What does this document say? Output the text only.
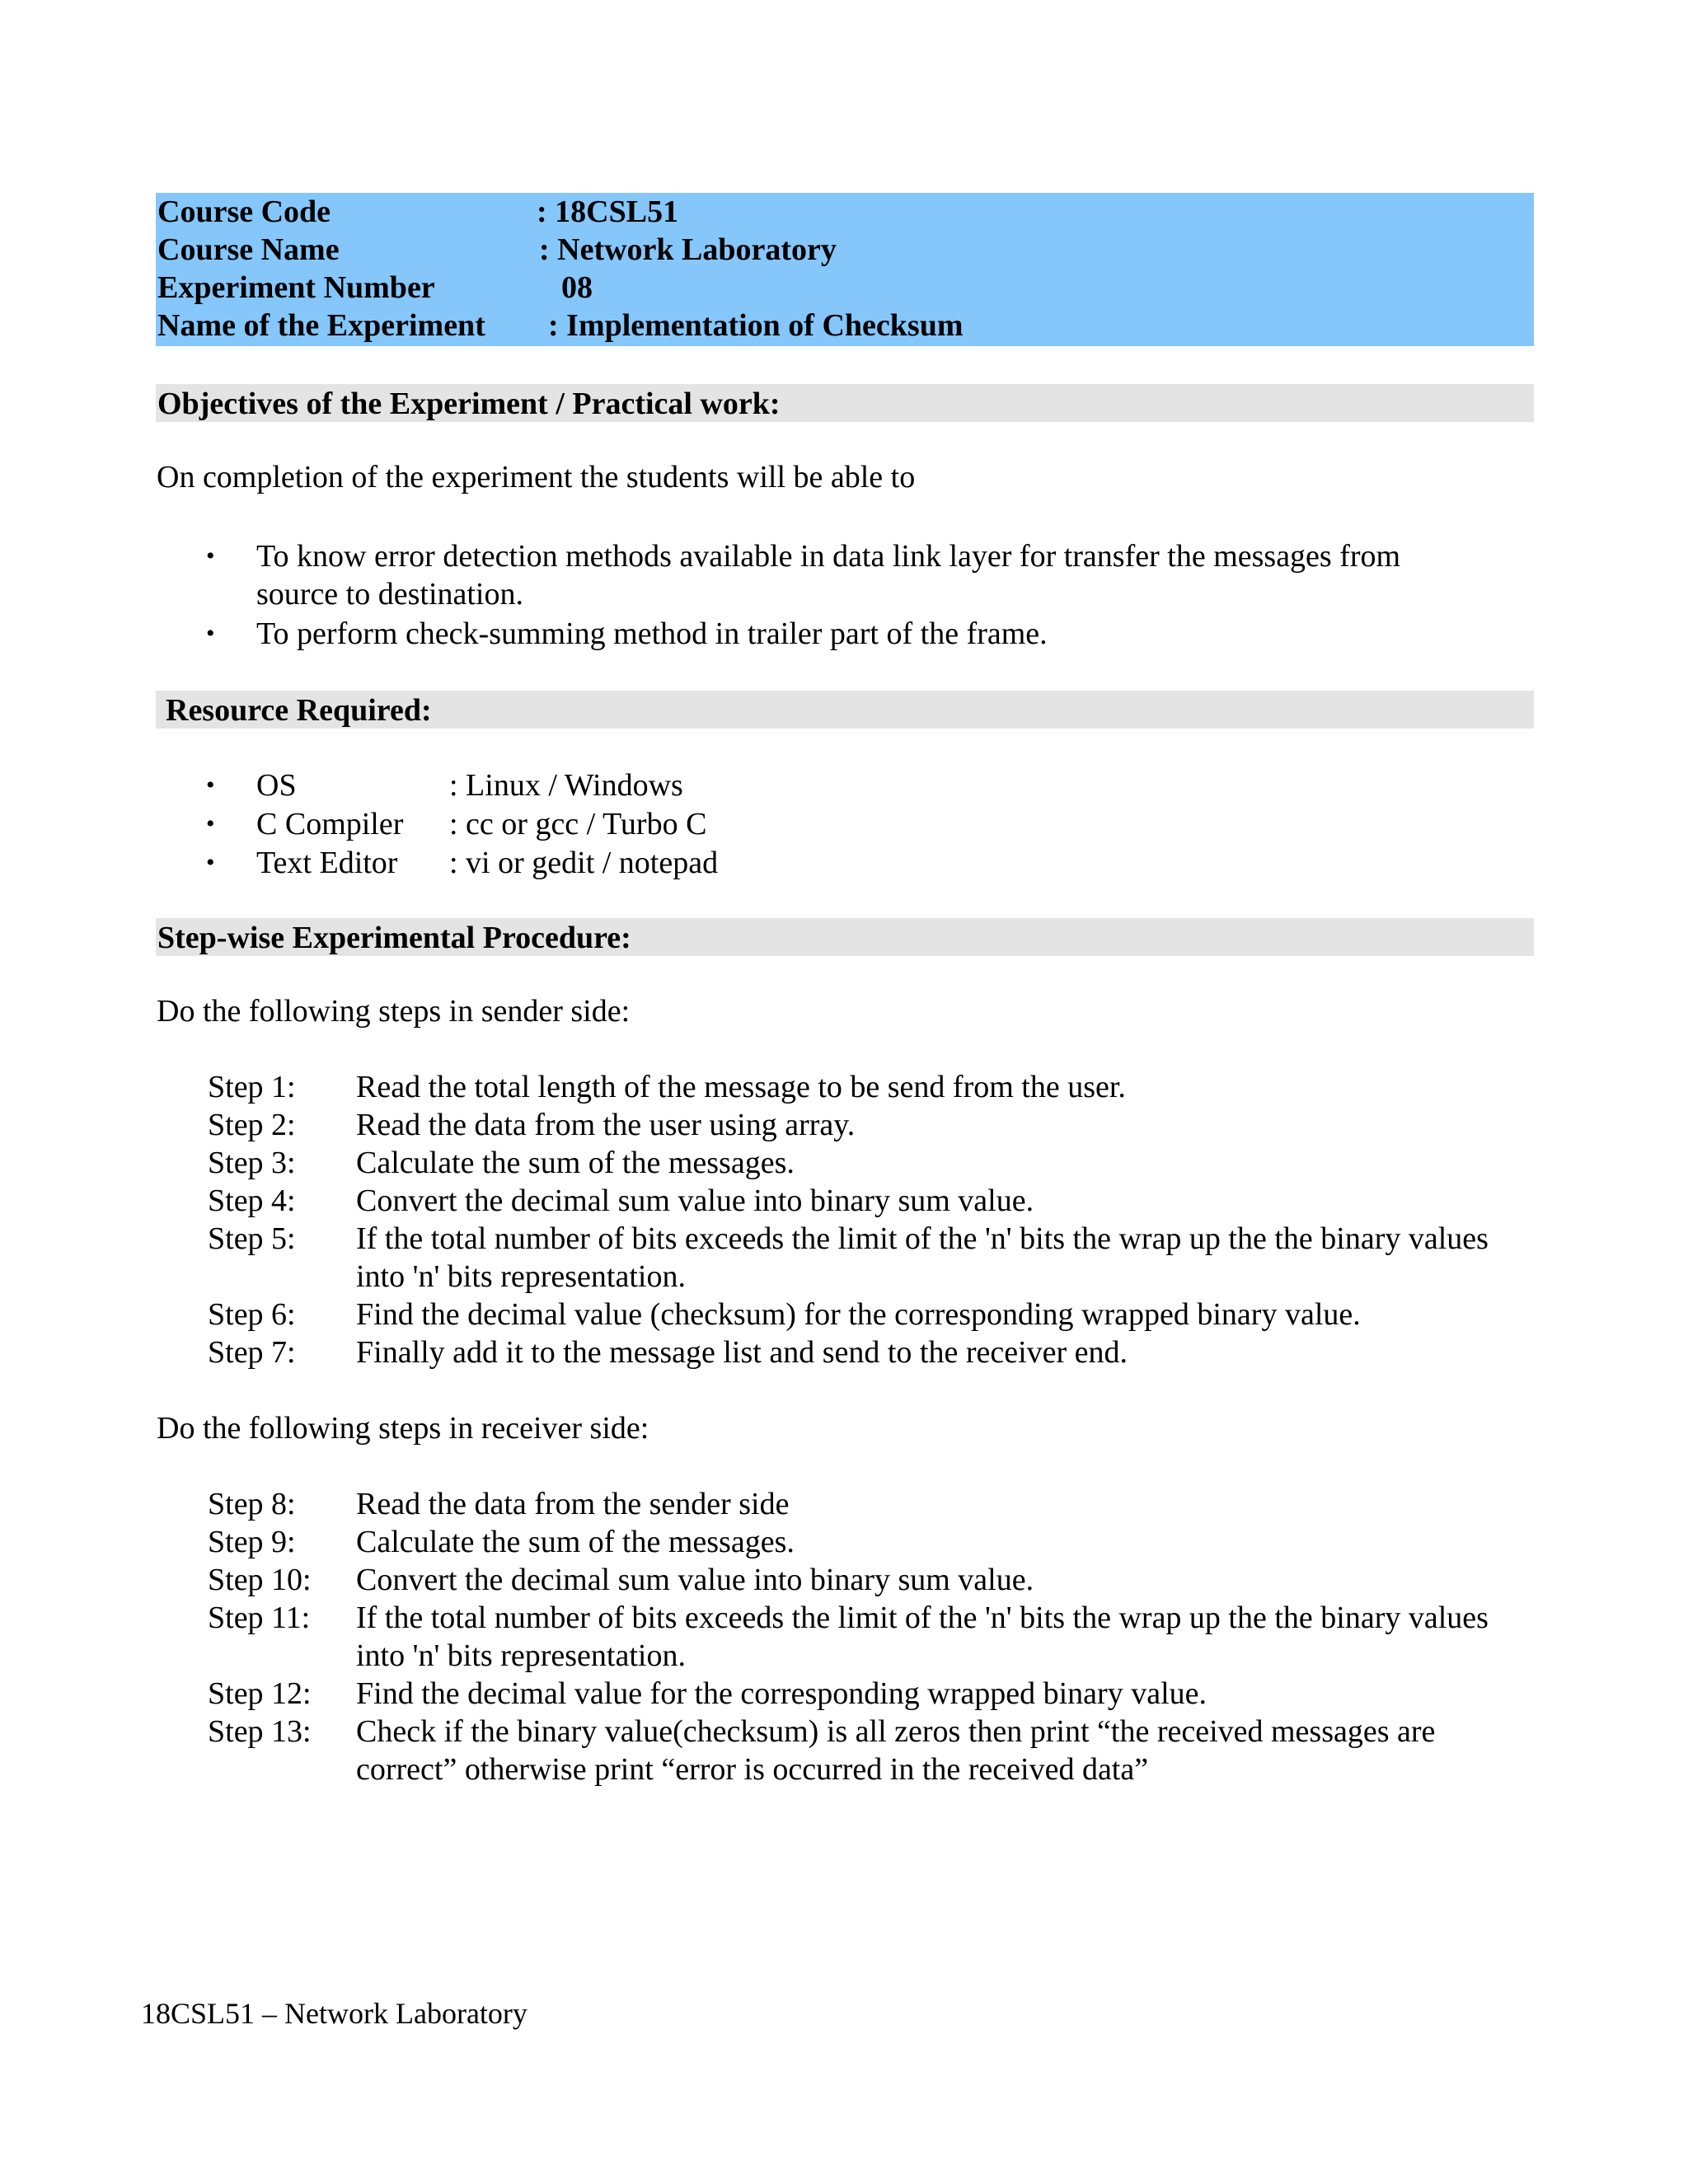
Course Code	: 18CSL51
Course Name	: Network Laboratory
Experiment Number	08
Name of the Experiment : Implementation of Checksum
Objectives of the Experiment / Practical work:
On completion of the experiment the students will be able to
• To know error detection methods available in data link layer for transfer the messages from
source to destination.
• To perform check-summing method in trailer part of the frame.
Resource Required:
• OS	: Linux / Windows
• C Compiler : cc or gcc / Turbo C
• Text Editor : vi or gedit / notepad
Step-wise Experimental Procedure:
Do the following steps in sender side:
Step 1: Read the total length of the message to be send from the user.
Step 2: Read the data from the user using array.
Step 3: Calculate the sum of the messages.
Step 4: Convert the decimal sum value into binary sum value.
Step 5: If the total number of bits exceeds the limit of the 'n' bits the wrap up the the binary values into 'n' bits representation.
Step 6: Find the decimal value (checksum) for the corresponding wrapped binary value.
Step 7: Finally add it to the message list and send to the receiver end.
Do the following steps in receiver side:
Step 8: Read the data from the sender side
Step 9: Calculate the sum of the messages.
Step 10: Convert the decimal sum value into binary sum value.
Step 11: If the total number of bits exceeds the limit of the 'n' bits the wrap up the the binary values into 'n' bits representation.
Step 12: Find the decimal value for the corresponding wrapped binary value.
Step 13: Check if the binary value(checksum) is all zeros then print “the received messages are correct” otherwise print “error is occurred in the received data”
18CSL51 – Network Laboratory
